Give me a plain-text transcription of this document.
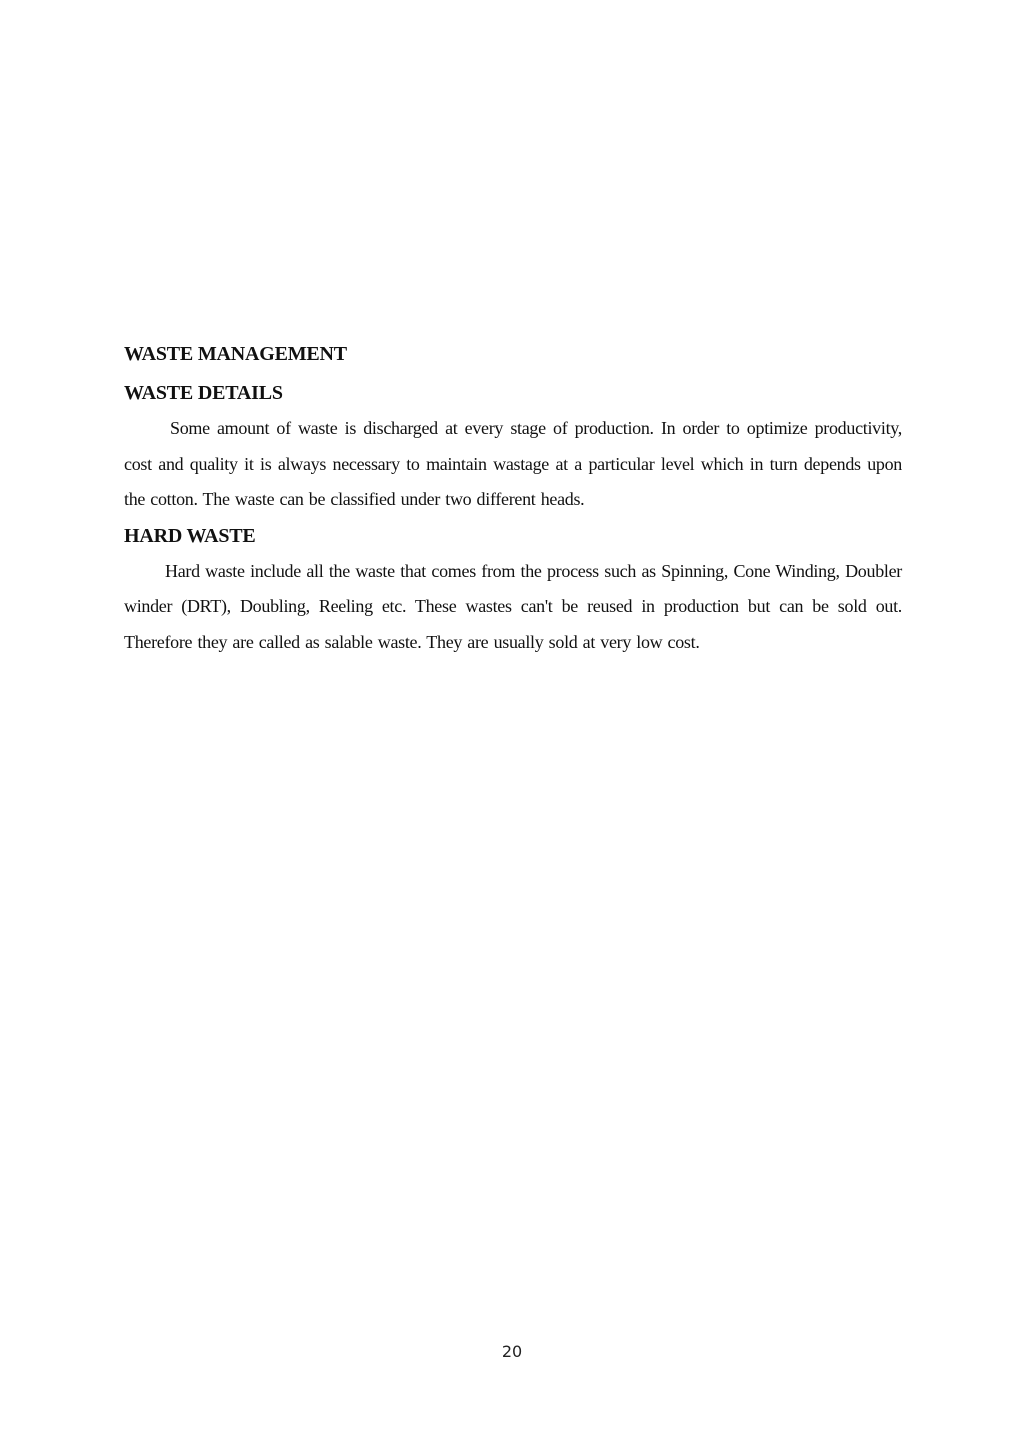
WASTE MANAGEMENT
WASTE DETAILS

Some amount of waste is discharged at every stage of production. In order to optimize productivity, cost and quality it is always necessary to maintain wastage at a particular level which in turn depends upon the cotton. The waste can be classified under two different heads.

HARD WASTE

Hard waste include all the waste that comes from the process such as Spinning, Cone Winding, Doubler winder (DRT), Doubling, Reeling etc. These wastes can't be reused in production but can be sold out. Therefore they are called as salable waste. They are usually sold at very low cost.

20
